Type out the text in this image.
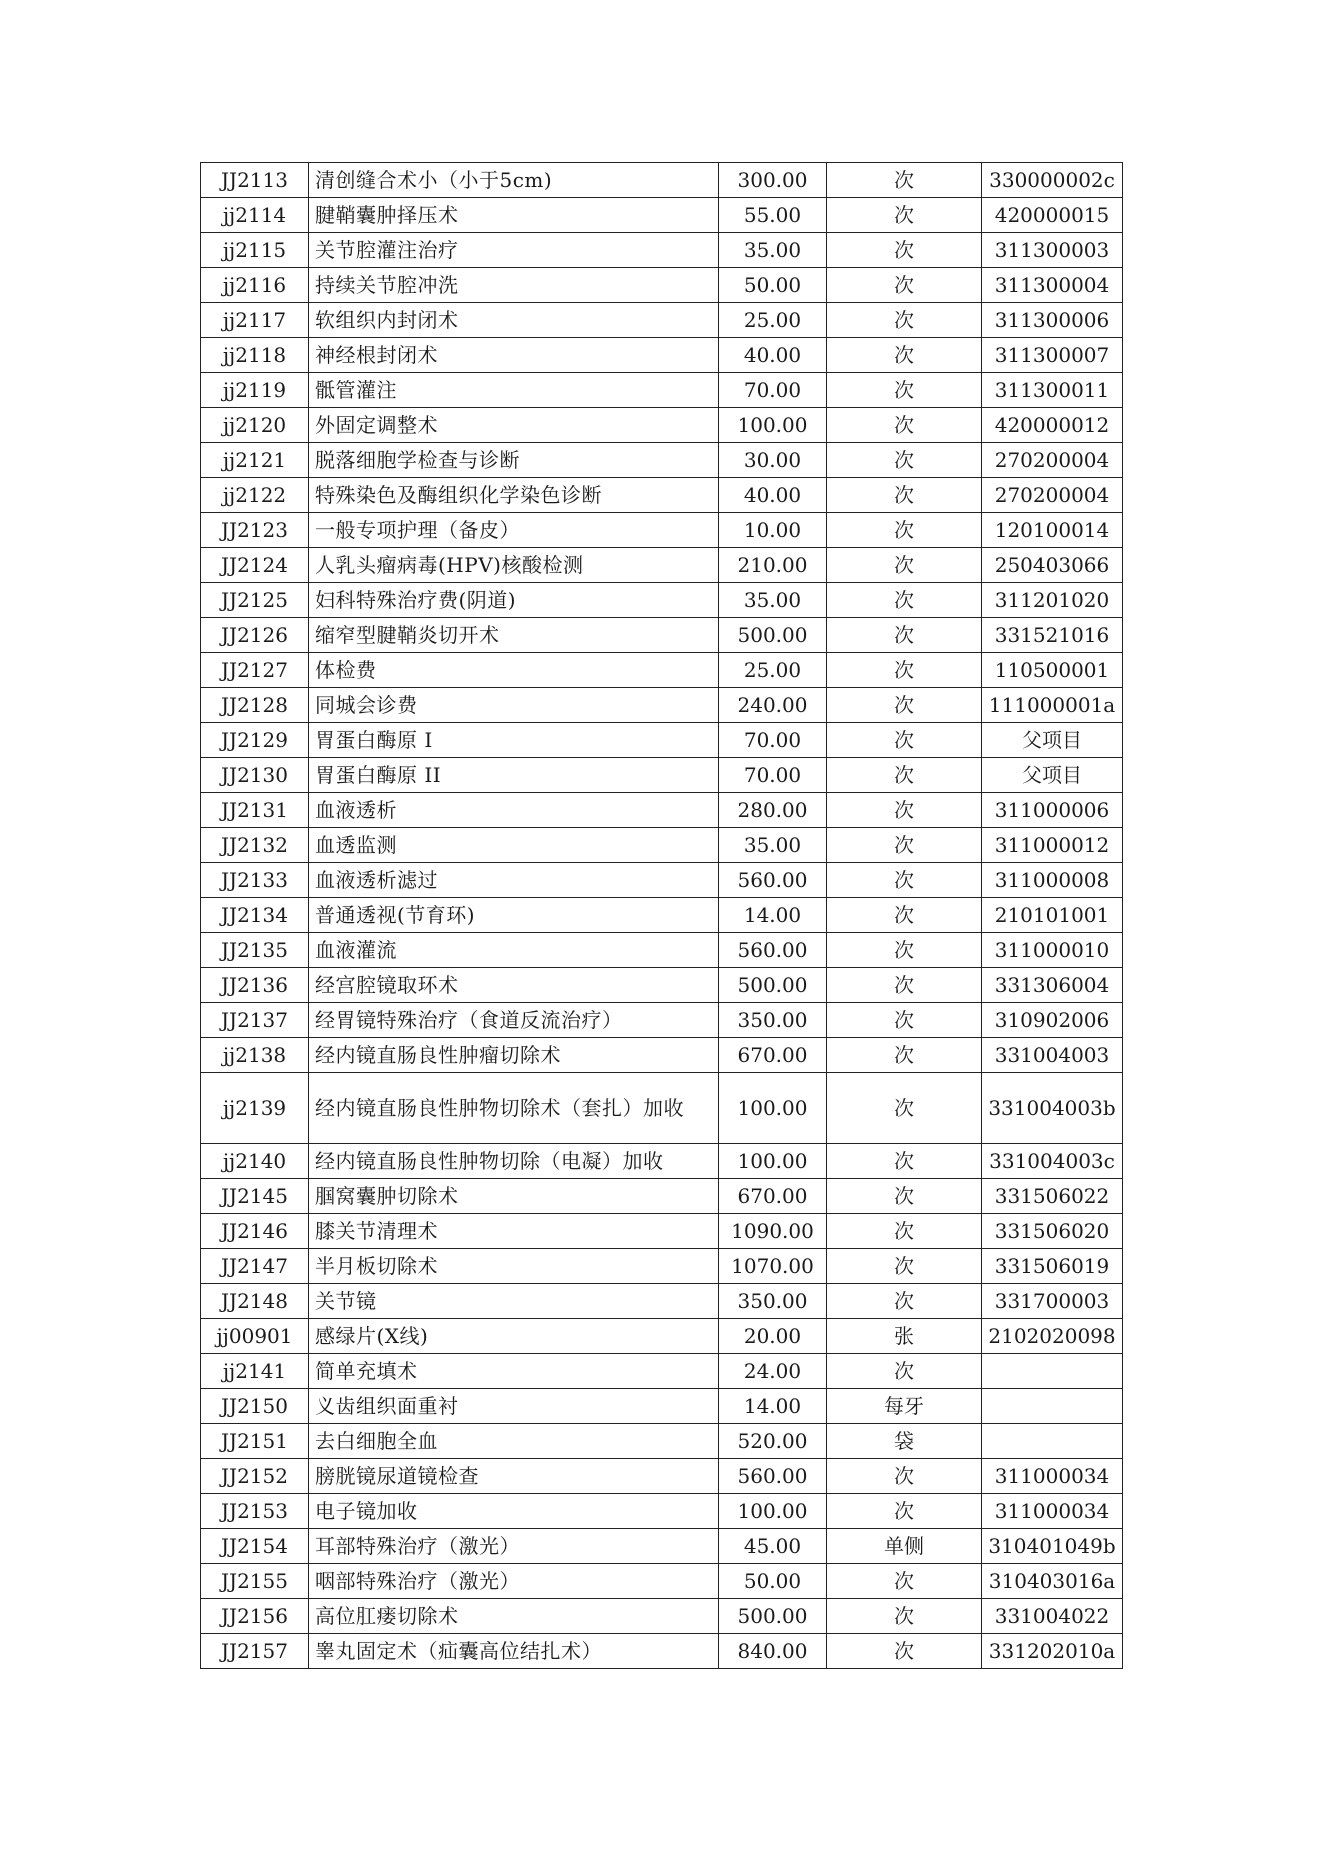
JJ2113	清创缝合术小（小于5cm)	300.00	次	330000002c
jj2114	腱鞘囊肿择压术	55.00	次	420000015
jj2115	关节腔灌注治疗	35.00	次	311300003
jj2116	持续关节腔冲洗	50.00	次	311300004
jj2117	软组织内封闭术	25.00	次	311300006
jj2118	神经根封闭术	40.00	次	311300007
jj2119	骶管灌注	70.00	次	311300011
jj2120	外固定调整术	100.00	次	420000012
jj2121	脱落细胞学检查与诊断	30.00	次	270200004
jj2122	特殊染色及酶组织化学染色诊断	40.00	次	270200004
JJ2123	一般专项护理（备皮）	10.00	次	120100014
JJ2124	人乳头瘤病毒(HPV)核酸检测	210.00	次	250403066
JJ2125	妇科特殊治疗费(阴道)	35.00	次	311201020
JJ2126	缩窄型腱鞘炎切开术	500.00	次	331521016
JJ2127	体检费	25.00	次	110500001
JJ2128	同城会诊费	240.00	次	111000001a
JJ2129	胃蛋白酶原 I	70.00	次	父项目
JJ2130	胃蛋白酶原 II	70.00	次	父项目
JJ2131	血液透析	280.00	次	311000006
JJ2132	血透监测	35.00	次	311000012
JJ2133	血液透析滤过	560.00	次	311000008
JJ2134	普通透视(节育环)	14.00	次	210101001
JJ2135	血液灌流	560.00	次	311000010
JJ2136	经宫腔镜取环术	500.00	次	331306004
JJ2137	经胃镜特殊治疗（食道反流治疗）	350.00	次	310902006
jj2138	经内镜直肠良性肿瘤切除术	670.00	次	331004003
jj2139	经内镜直肠良性肿物切除术（套扎）加收	100.00	次	331004003b
jj2140	经内镜直肠良性肿物切除（电凝）加收	100.00	次	331004003c
JJ2145	腘窝囊肿切除术	670.00	次	331506022
JJ2146	膝关节清理术	1090.00	次	331506020
JJ2147	半月板切除术	1070.00	次	331506019
JJ2148	关节镜	350.00	次	331700003
jj00901	感绿片(X线)	20.00	张	2102020098
jj2141	简单充填术	24.00	次	
JJ2150	义齿组织面重衬	14.00	每牙	
JJ2151	去白细胞全血	520.00	袋	
JJ2152	膀胱镜尿道镜检查	560.00	次	311000034
JJ2153	电子镜加收	100.00	次	311000034
JJ2154	耳部特殊治疗（激光）	45.00	单侧	310401049b
JJ2155	咽部特殊治疗（激光）	50.00	次	310403016a
JJ2156	高位肛瘘切除术	500.00	次	331004022
JJ2157	睾丸固定术（疝囊高位结扎术）	840.00	次	331202010a
